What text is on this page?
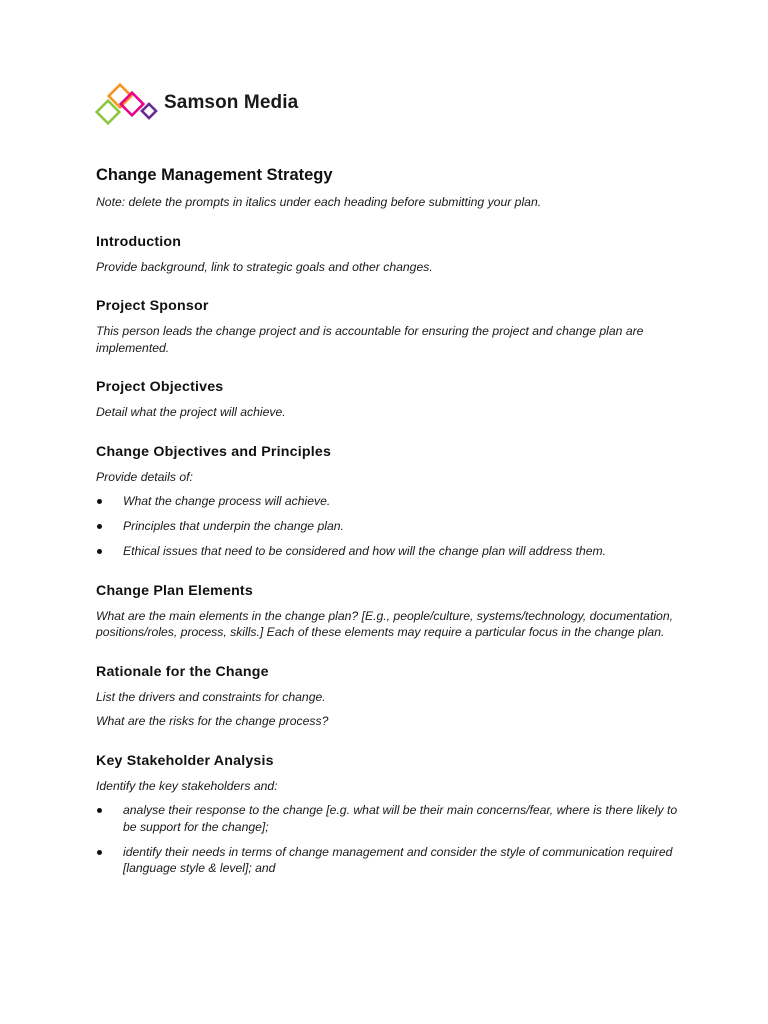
Samson Media
Change Management Strategy
Note: delete the prompts in italics under each heading before submitting your plan.
Introduction
Provide background, link to strategic goals and other changes.
Project Sponsor
This person leads the change project and is accountable for ensuring the project and change plan are implemented.
Project Objectives
Detail what the project will achieve.
Change Objectives and Principles
Provide details of:
What the change process will achieve.
Principles that underpin the change plan.
Ethical issues that need to be considered and how will the change plan will address them.
Change Plan Elements
What are the main elements in the change plan? [E.g., people/culture, systems/technology, documentation, positions/roles, process, skills.] Each of these elements may require a particular focus in the change plan.
Rationale for the Change
List the drivers and constraints for change.
What are the risks for the change process?
Key Stakeholder Analysis
Identify the key stakeholders and:
analyse their response to the change [e.g. what will be their main concerns/fear, where is there likely to be support for the change];
identify their needs in terms of change management and consider the style of communication required [language style & level]; and
